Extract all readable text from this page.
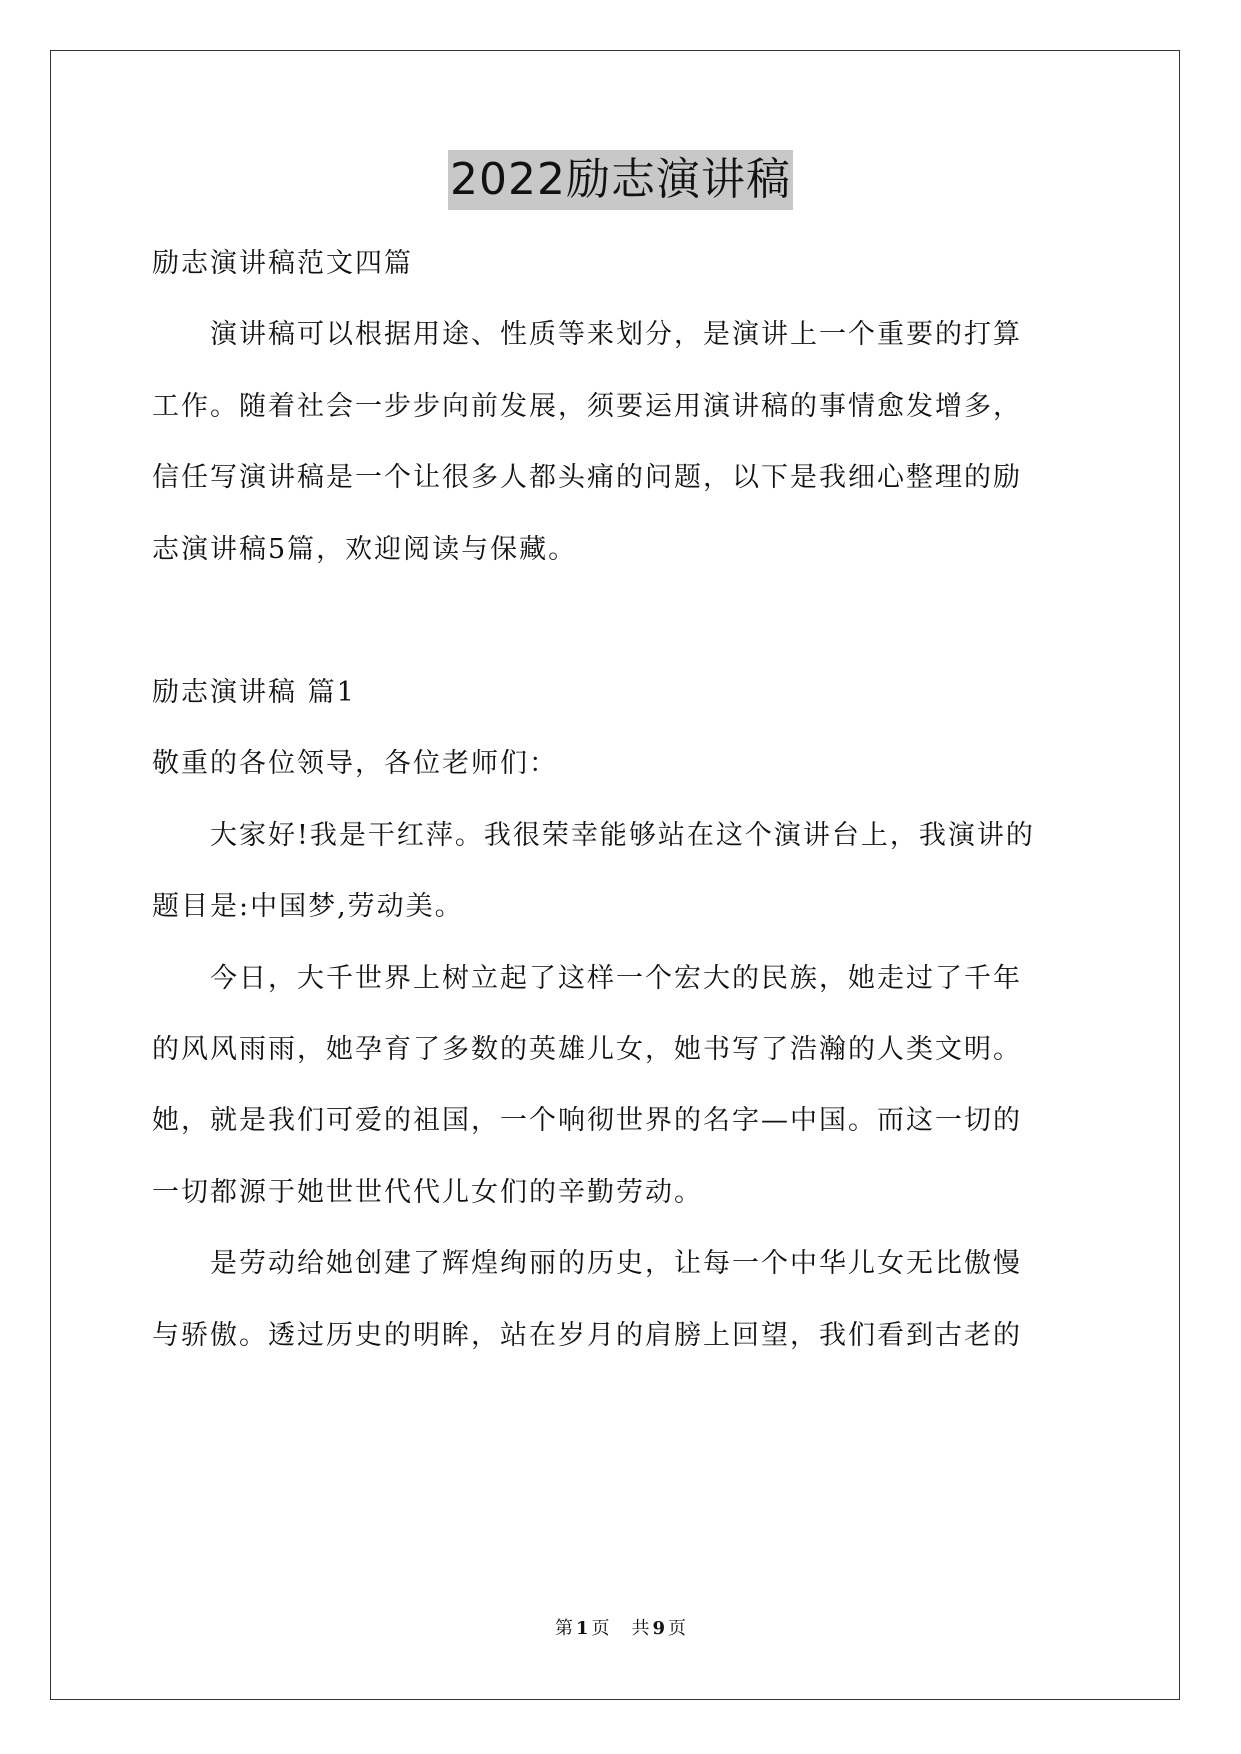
2022励志演讲稿
励志演讲稿范文四篇
演讲稿可以根据用途、性质等来划分，是演讲上一个重要的打算
工作。随着社会一步步向前发展，须要运用演讲稿的事情愈发增多，
信任写演讲稿是一个让很多人都头痛的问题，以下是我细心整理的励
志演讲稿5篇，欢迎阅读与保藏。
励志演讲稿 篇1
敬重的各位领导，各位老师们：
大家好!我是干红萍。我很荣幸能够站在这个演讲台上，我演讲的
题目是:中国梦,劳动美。
今日，大千世界上树立起了这样一个宏大的民族，她走过了千年
的风风雨雨，她孕育了多数的英雄儿女，她书写了浩瀚的人类文明。
她，就是我们可爱的祖国，一个响彻世界的名字—中国。而这一切的
一切都源于她世世代代儿女们的辛勤劳动。
是劳动给她创建了辉煌绚丽的历史，让每一个中华儿女无比傲慢
与骄傲。透过历史的明眸，站在岁月的肩膀上回望，我们看到古老的
第 1 页 共 9 页
